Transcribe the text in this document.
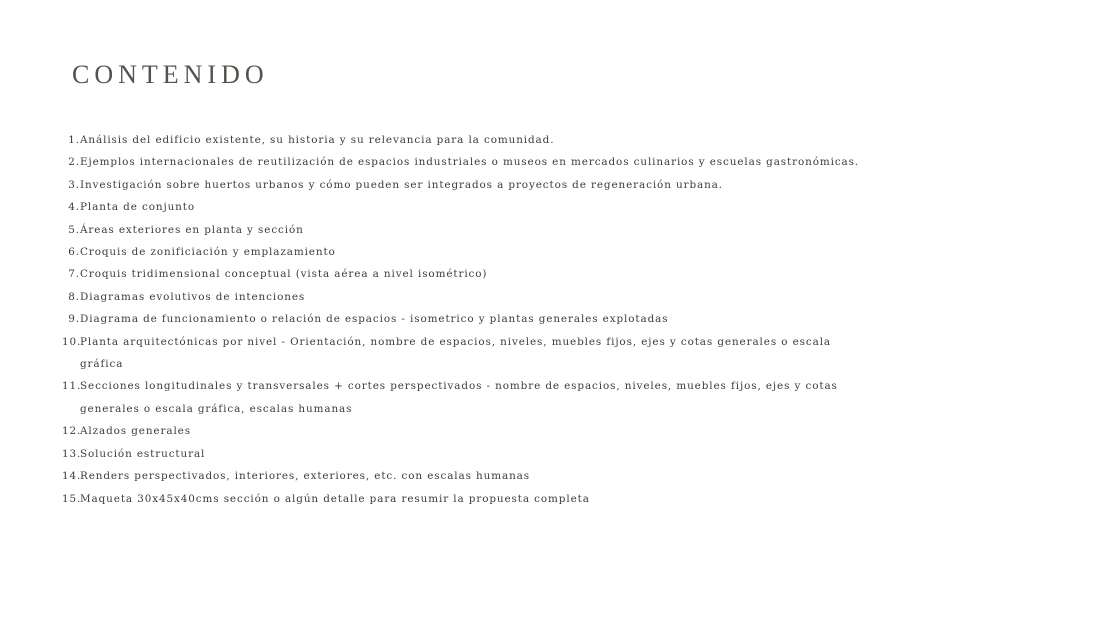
CONTENIDO
1. Análisis del edificio existente, su historia y su relevancia para la comunidad.
2. Ejemplos internacionales de reutilización de espacios industriales o museos en mercados culinarios y escuelas gastronómicas.
3. Investigación sobre huertos urbanos y cómo pueden ser integrados a proyectos de regeneración urbana.
4. Planta de conjunto
5. Áreas exteriores en planta y sección
6. Croquis de zonificiación y emplazamiento
7. Croquis tridimensional conceptual (vista aérea a nivel isométrico)
8. Diagramas evolutivos de intenciones
9. Diagrama de funcionamiento o relación de espacios - isometrico y plantas generales explotadas
10.
Planta arquitectónicas por nivel - Orientación, nombre de espacios, niveles, muebles fijos, ejes y cotas generales o escala gráfica
11.
Secciones longitudinales y transversales + cortes perspectivados - nombre de espacios, niveles, muebles fijos, ejes y cotas generales o escala gráfica, escalas humanas
12.
Alzados generales
13.
Solución estructural
14.
Renders perspectivados, interiores, exteriores, etc. con escalas humanas
15.
Maqueta 30x45x40cms sección o algún detalle para resumir la propuesta completa
